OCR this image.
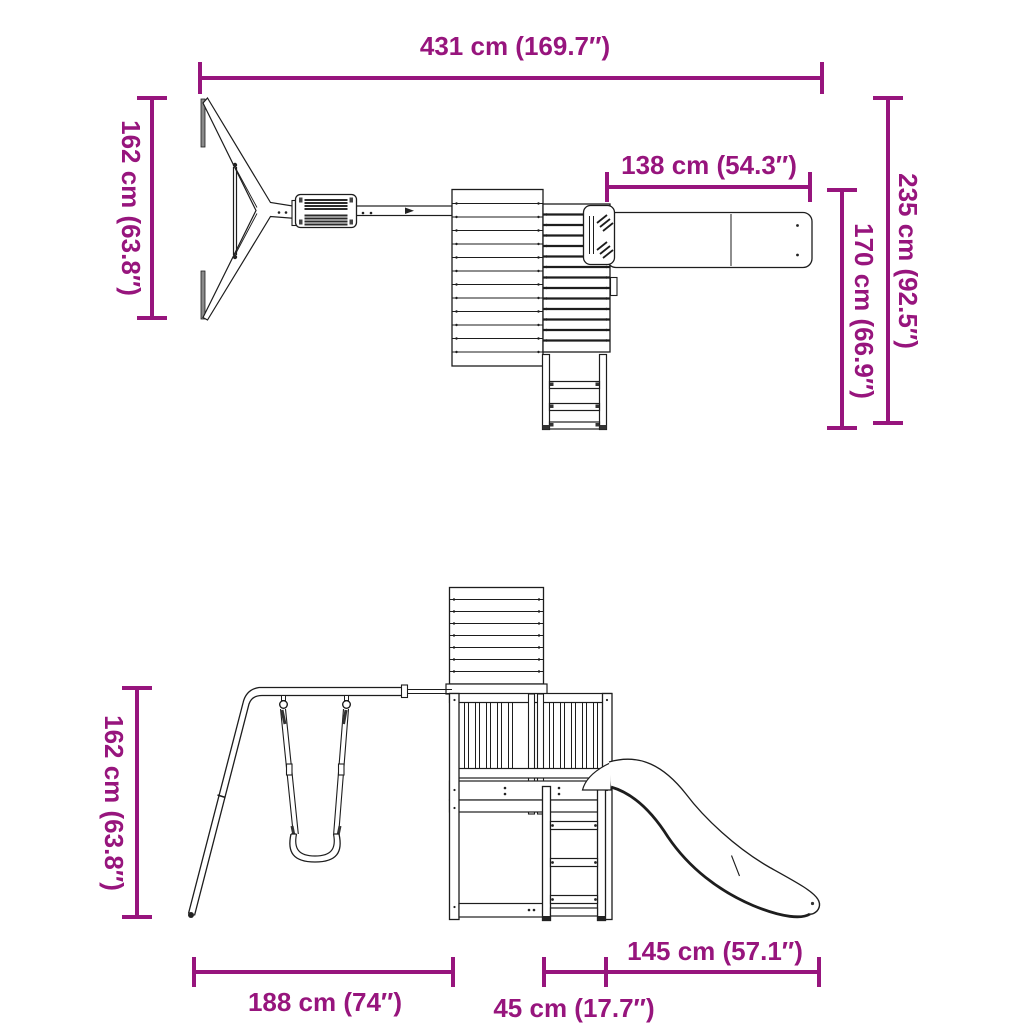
431 cm (169.7″)
162 cm (63.8″)	138 cm (54.3″)
235 cm (92.5″)
170 cm (66.9″)
162 cm (63.8″)
188 cm (74″)	45 cm (17.7″)
145 cm (57.1″)
